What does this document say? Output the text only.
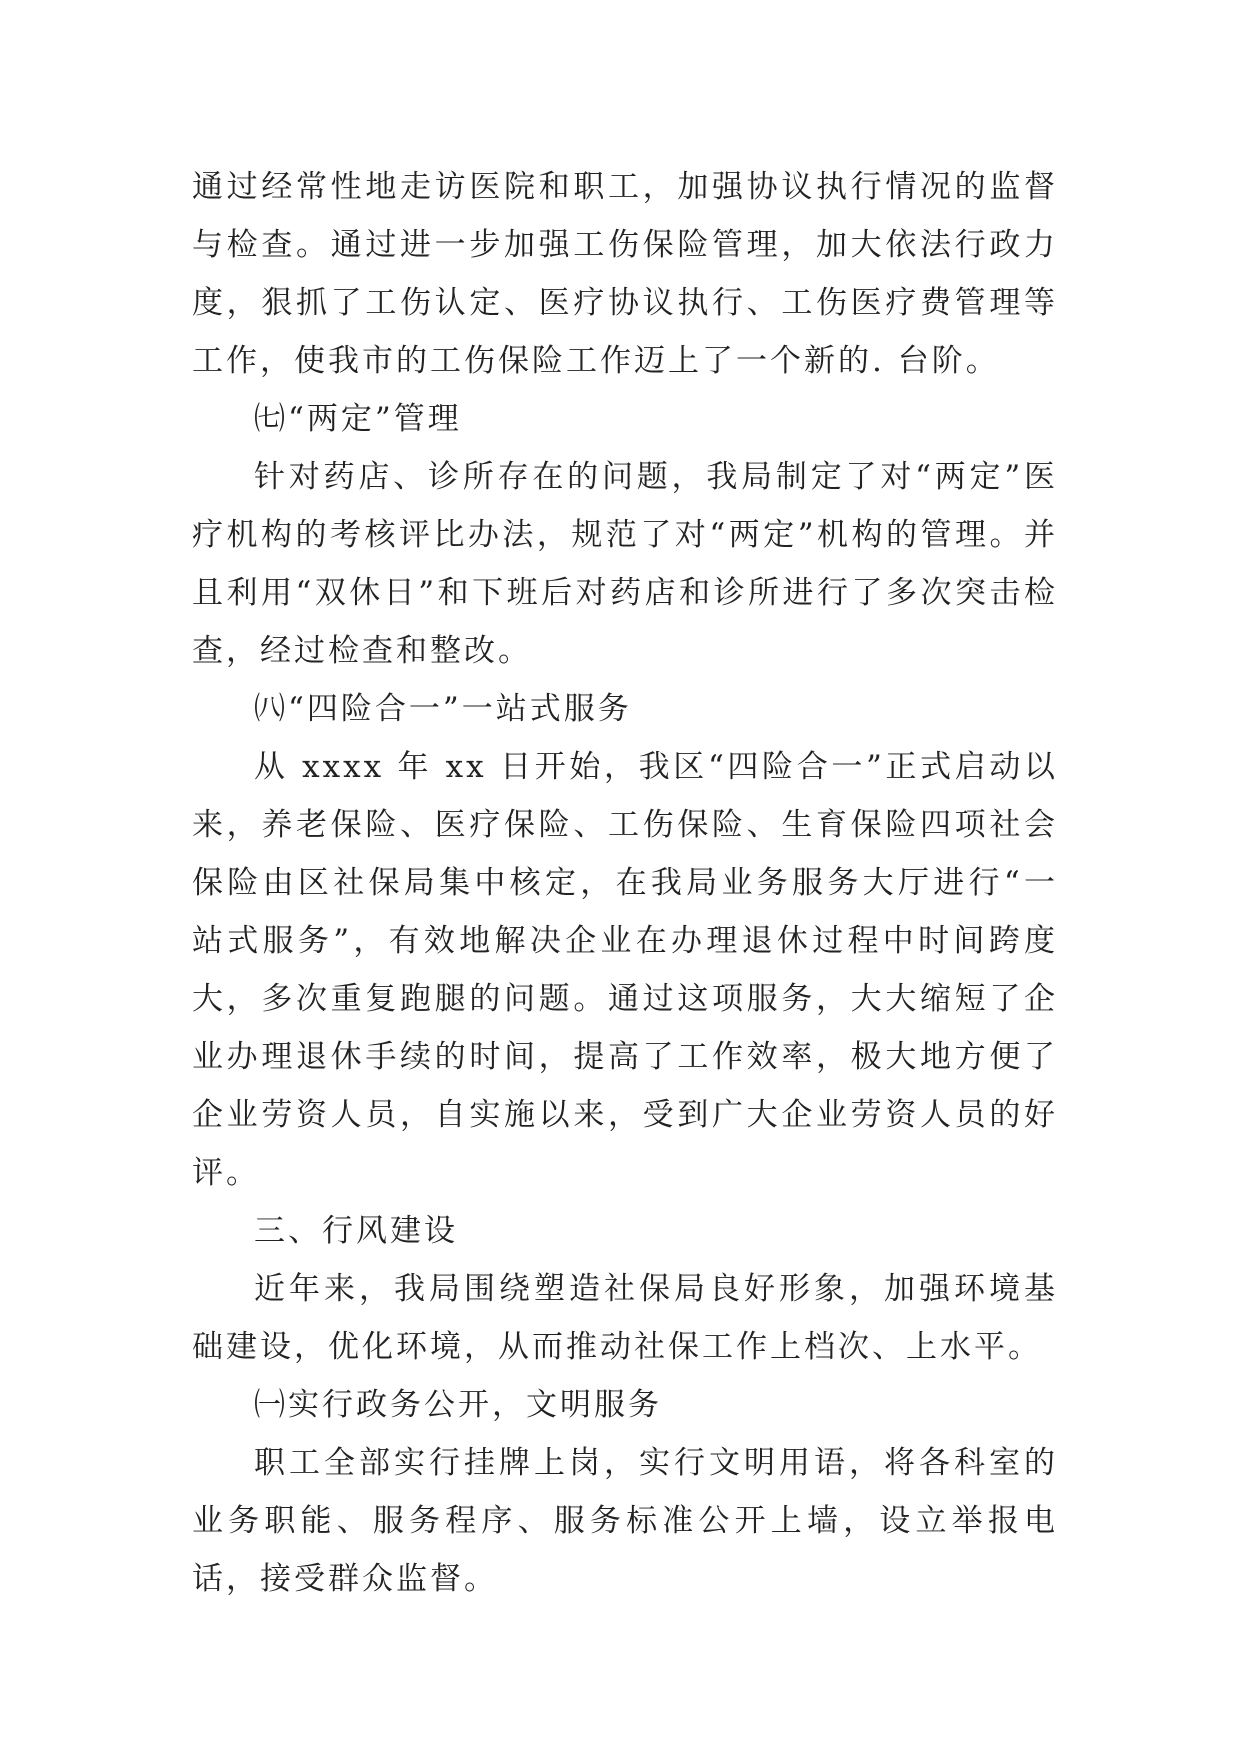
通过经常性地走访医院和职工，加强协议执行情况的监督与检查。通过进一步加强工伤保险管理，加大依法行政力度，狠抓了工伤认定、医疗协议执行、工伤医疗费管理等工作，使我市的工伤保险工作迈上了一个新的. 台阶。

㈦“两定”管理

针对药店、诊所存在的问题，我局制定了对“两定”医疗机构的考核评比办法，规范了对“两定”机构的管理。并且利用“双休日”和下班后对药店和诊所进行了多次突击检查，经过检查和整改。

㈧“四险合一”一站式服务

从 xxxx 年 xx 日开始，我区“四险合一”正式启动以来，养老保险、医疗保险、工伤保险、生育保险四项社会保险由区社保局集中核定，在我局业务服务大厅进行“一站式服务”，有效地解决企业在办理退休过程中时间跨度大，多次重复跑腿的问题。通过这项服务，大大缩短了企业办理退休手续的时间，提高了工作效率，极大地方便了企业劳资人员，自实施以来，受到广大企业劳资人员的好评。

三、行风建设

近年来，我局围绕塑造社保局良好形象，加强环境基础建设，优化环境，从而推动社保工作上档次、上水平。

㈠实行政务公开，文明服务

职工全部实行挂牌上岗，实行文明用语，将各科室的业务职能、服务程序、服务标准公开上墙，设立举报电话，接受群众监督。
